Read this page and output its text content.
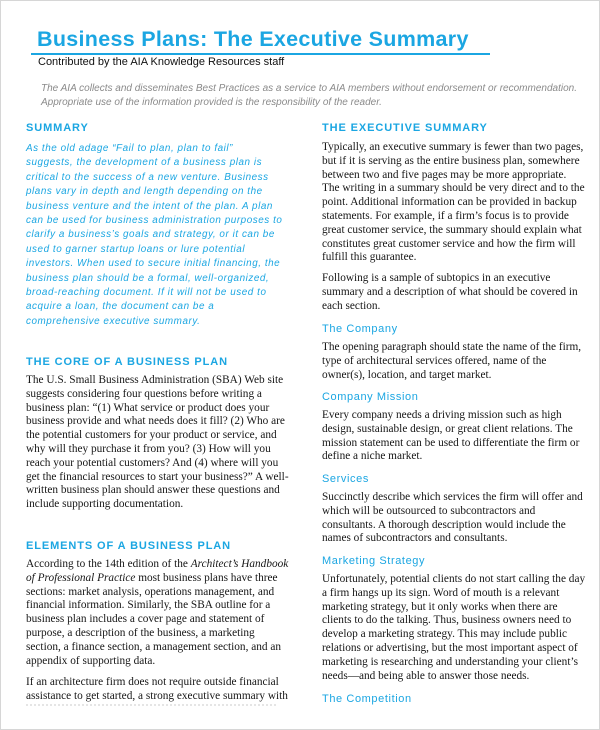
Business Plans: The Executive Summary
Contributed by the AIA Knowledge Resources staff
The AIA collects and disseminates Best Practices as a service to AIA members without endorsement or recommendation.
Appropriate use of the information provided is the responsibility of the reader.
SUMMARY
As the old adage “Fail to plan, plan to fail”
suggests, the development of a business plan is
critical to the success of a new venture. Business
plans vary in depth and length depending on the
business venture and the intent of the plan. A plan
can be used for business administration purposes to
clarify a business’s goals and strategy, or it can be
used to garner startup loans or lure potential
investors. When used to secure initial financing, the
business plan should be a formal, well-organized,
broad-reaching document. If it will not be used to
acquire a loan, the document can be a
comprehensive executive summary.
THE CORE OF A BUSINESS PLAN
The U.S. Small Business Administration (SBA) Web site
suggests considering four questions before writing a
business plan: “(1) What service or product does your
business provide and what needs does it fill? (2) Who are
the potential customers for your product or service, and
why will they purchase it from you? (3) How will you
reach your potential customers? And (4) where will you
get the financial resources to start your business?” A well-
written business plan should answer these questions and
include supporting documentation.
ELEMENTS OF A BUSINESS PLAN
According to the 14th edition of the Architect’s Handbook
of Professional Practice most business plans have three
sections: market analysis, operations management, and
financial information. Similarly, the SBA outline for a
business plan includes a cover page and statement of
purpose, a description of the business, a marketing
section, a finance section, a management section, and an
appendix of supporting data.
If an architecture firm does not require outside financial
assistance to get started, a strong executive summary with
THE EXECUTIVE SUMMARY
Typically, an executive summary is fewer than two pages,
but if it is serving as the entire business plan, somewhere
between two and five pages may be more appropriate.
The writing in a summary should be very direct and to the
point. Additional information can be provided in backup
statements. For example, if a firm’s focus is to provide
great customer service, the summary should explain what
constitutes great customer service and how the firm will
fulfill this guarantee.
Following is a sample of subtopics in an executive
summary and a description of what should be covered in
each section.
The Company
The opening paragraph should state the name of the firm,
type of architectural services offered, name of the
owner(s), location, and target market.
Company Mission
Every company needs a driving mission such as high
design, sustainable design, or great client relations. The
mission statement can be used to differentiate the firm or
define a niche market.
Services
Succinctly describe which services the firm will offer and
which will be outsourced to subcontractors and
consultants. A thorough description would include the
names of subcontractors and consultants.
Marketing Strategy
Unfortunately, potential clients do not start calling the day
a firm hangs up its sign. Word of mouth is a relevant
marketing strategy, but it only works when there are
clients to do the talking. Thus, business owners need to
develop a marketing strategy. This may include public
relations or advertising, but the most important aspect of
marketing is researching and understanding your client’s
needs—and being able to answer those needs.
The Competition
